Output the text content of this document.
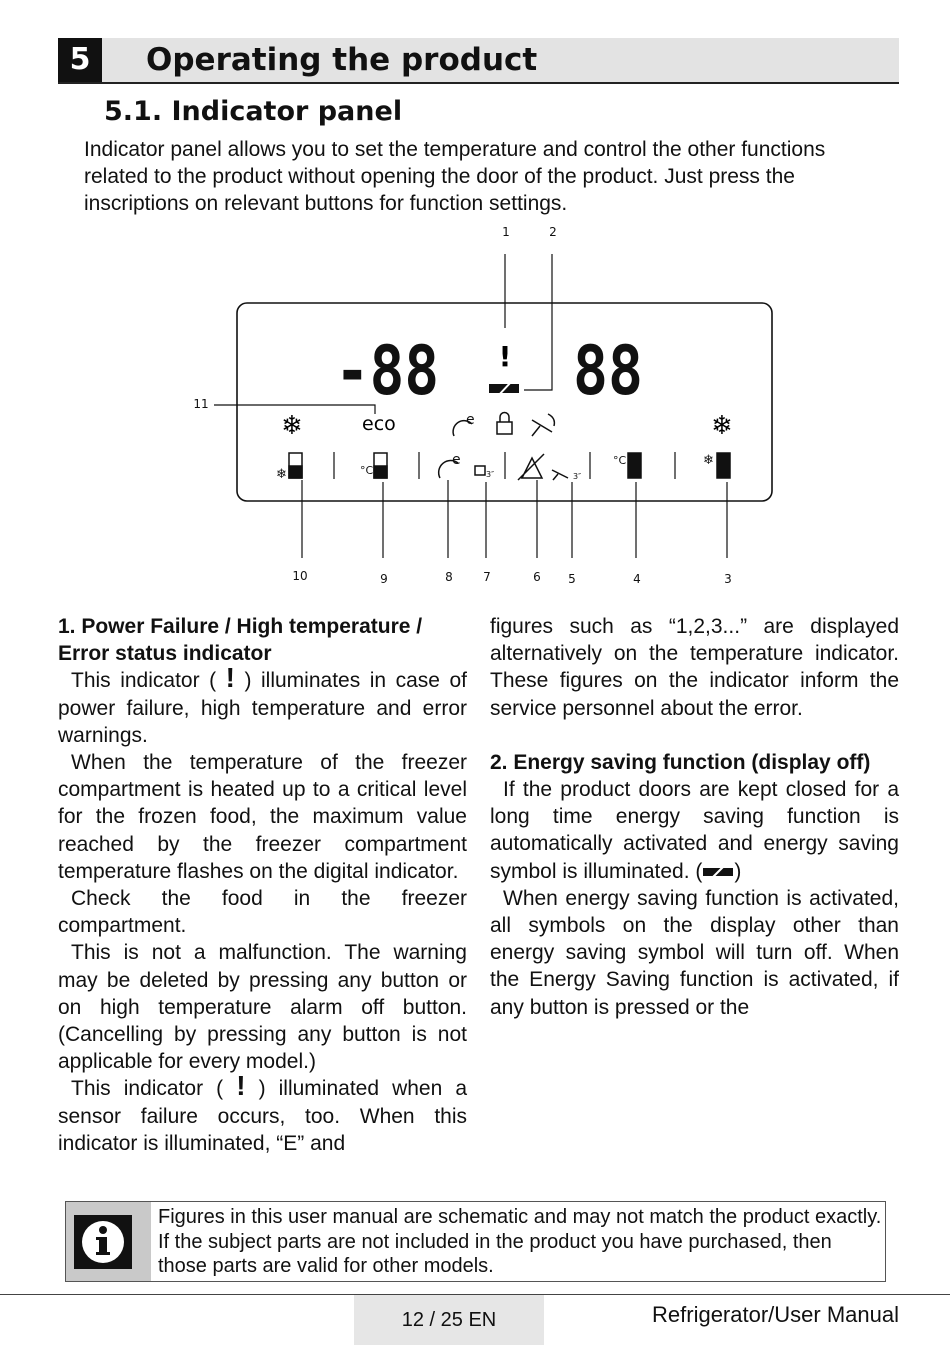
5	Operating the product
5.1. Indicator panel

Indicator panel allows you to set the temperature and control the other functions related to the product without opening the door of the product. Just press the inscriptions on relevant buttons for function settings.

1	2
3
4
5
6
7
8
9
10
11 -88 88
!
eco
❄	❄
e
❄	°C
e
3″	3″
°C	❄
1. Power Failure / High temperature / Error status indicator

This indicator ( ! ) illuminates in case of power failure, high temperature and error warnings.

When the temperature of the freezer compartment is heated up to a critical level for the frozen food, the maximum value reached by the freezer compartment temperature flashes on the digital indicator.

Check the food in the freezer compartment.

This is not a malfunction. The warning may be deleted by pressing any button or on high temperature alarm off button. (Cancelling by pressing any button is not applicable for every model.)

This indicator ( ! ) illuminated when a sensor failure occurs, too. When this indicator is illuminated, “E” and

figures such as “1,2,3...” are displayed alternatively on the temperature indicator. These figures on the indicator inform the service personnel about the error.

2. Energy saving function (display off)

If the product doors are kept closed for a long time energy saving function is automatically activated and energy saving symbol is illuminated. ( )

When energy saving function is activated, all symbols on the display other than energy saving symbol will turn off. When the Energy Saving function is activated, if any button is pressed or the

Figures in this user manual are schematic and may not match the product exactly. If the subject parts are not included in the product you have purchased, then those parts are valid for other models.

12 / 25 EN	Refrigerator/User Manual
